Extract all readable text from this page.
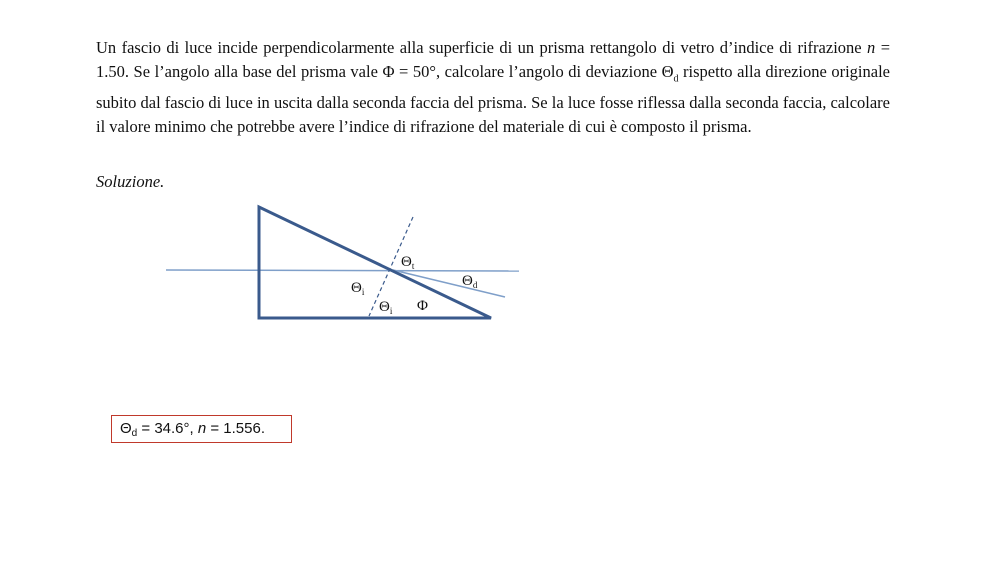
Un fascio di luce incide perpendicolarmente alla superficie di un prisma rettangolo di vetro d’indice di rifrazione n = 1.50. Se l’angolo alla base del prisma vale Φ = 50°, calcolare l’angolo di deviazione $\Theta_d$ rispetto alla direzione originale subito dal fascio di luce in uscita dalla seconda faccia del prisma. Se la luce fosse riflessa dalla seconda faccia, calcolare il valore minimo che potrebbe avere l’indice di rifrazione del materiale di cui è composto il prisma.
Soluzione.
$\Theta_t$
$\Theta_d$
$\Theta_i$
$\Theta_i$ Φ
$\Theta_d = 34.6^\circ$, n = 1.556.
